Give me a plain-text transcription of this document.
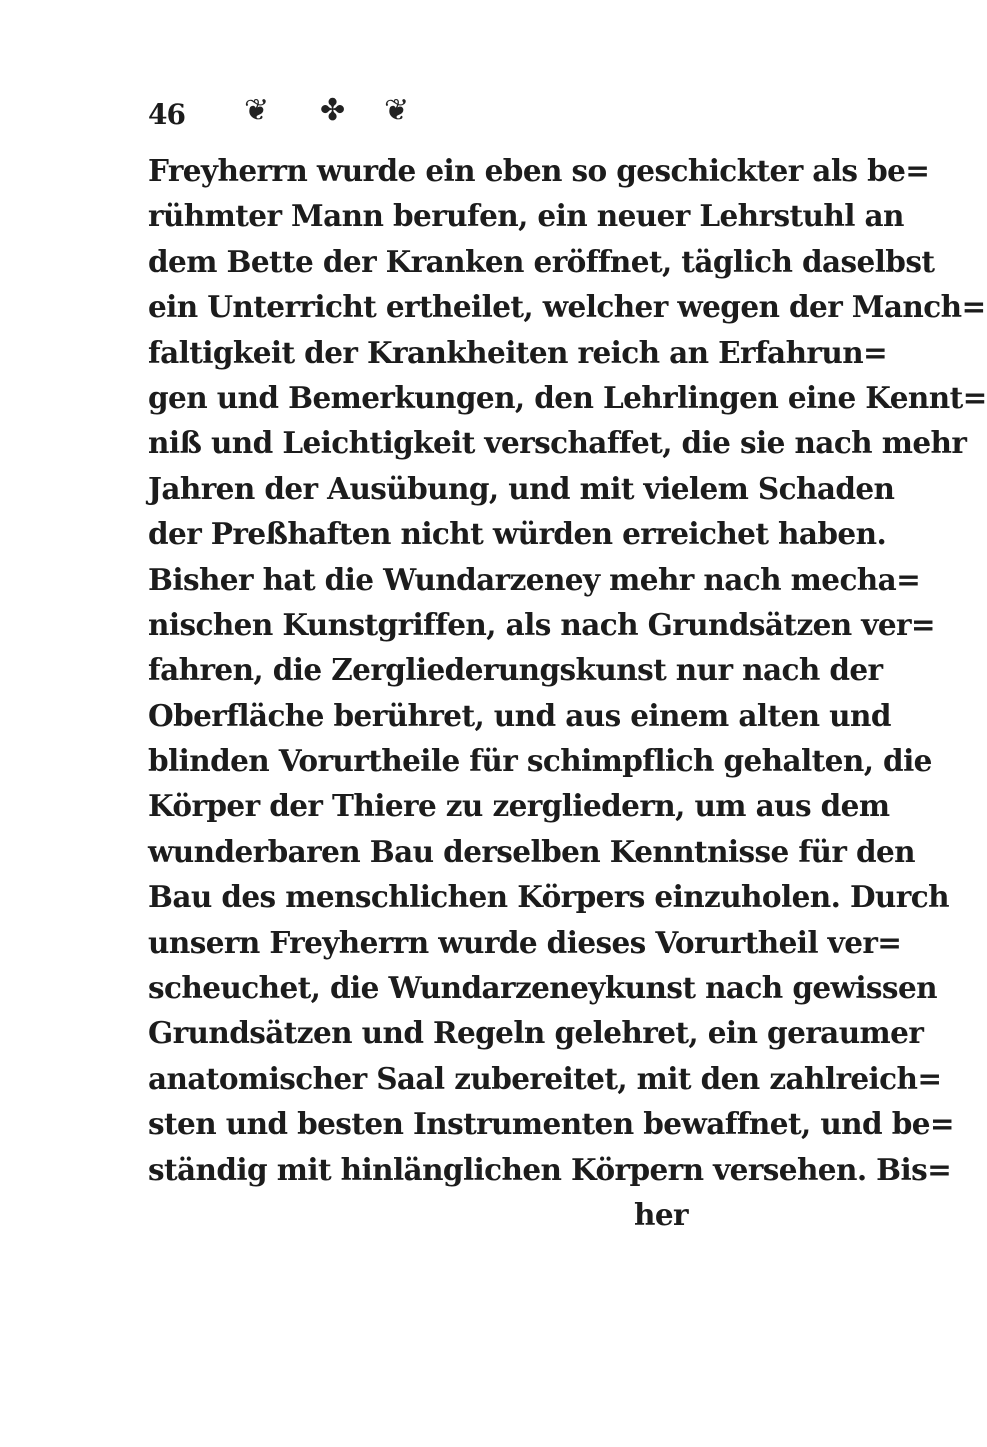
46 ❦ ✤ ❦
Freyherrn wurde ein eben so geschickter als be=
rühmter Mann berufen, ein neuer Lehrstuhl an
dem Bette der Kranken eröffnet, täglich daselbst
ein Unterricht ertheilet, welcher wegen der Manch=
faltigkeit der Krankheiten reich an Erfahrun=
gen und Bemerkungen, den Lehrlingen eine Kennt=
niß und Leichtigkeit verschaffet, die sie nach mehr
Jahren der Ausübung, und mit vielem Schaden
der Preßhaften nicht würden erreichet haben.
Bisher hat die Wundarzeney mehr nach mecha=
nischen Kunstgriffen, als nach Grundsätzen ver=
fahren, die Zergliederungskunst nur nach der
Oberfläche berühret, und aus einem alten und
blinden Vorurtheile für schimpflich gehalten, die
Körper der Thiere zu zergliedern, um aus dem
wunderbaren Bau derselben Kenntnisse für den
Bau des menschlichen Körpers einzuholen. Durch
unsern Freyherrn wurde dieses Vorurtheil ver=
scheuchet, die Wundarzeneykunst nach gewissen
Grundsätzen und Regeln gelehret, ein geraumer
anatomischer Saal zubereitet, mit den zahlreich=
sten und besten Instrumenten bewaffnet, und be=
ständig mit hinlänglichen Körpern versehen. Bis=
her
